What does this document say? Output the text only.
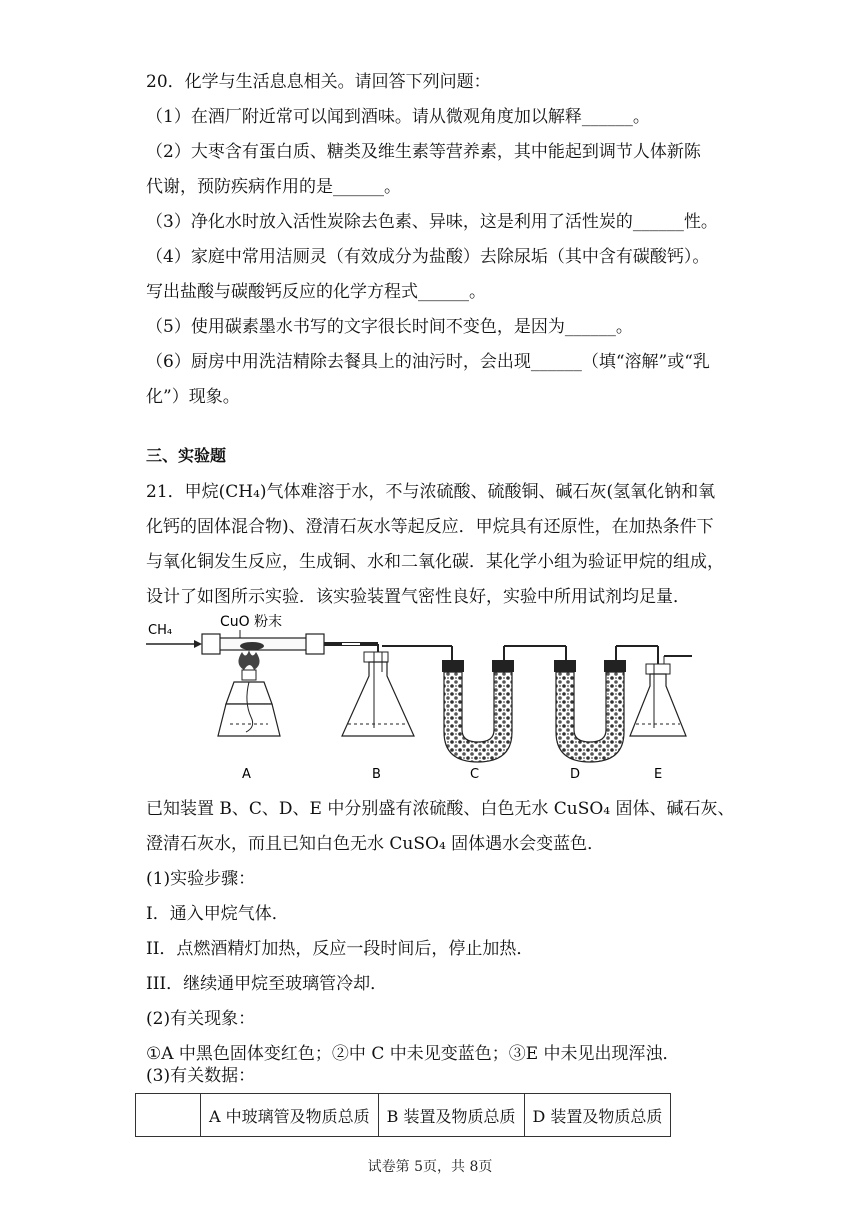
20．化学与生活息息相关。请回答下列问题：
（1）在酒厂附近常可以闻到酒味。请从微观角度加以解释______。
（2）大枣含有蛋白质、糖类及维生素等营养素，其中能起到调节人体新陈
代谢，预防疾病作用的是______。
（3）净化水时放入活性炭除去色素、异味，这是利用了活性炭的______性。
（4）家庭中常用洁厕灵（有效成分为盐酸）去除尿垢（其中含有碳酸钙）。
写出盐酸与碳酸钙反应的化学方程式______。
（5）使用碳素墨水书写的文字很长时间不变色，是因为______。
（6）厨房中用洗洁精除去餐具上的油污时，会出现______（填“溶解”或“乳
化”）现象。
三、实验题
21．甲烷(CH₄)气体难溶于水，不与浓硫酸、硫酸铜、碱石灰(氢氧化钠和氧
化钙的固体混合物)、澄清石灰水等起反应．甲烷具有还原性，在加热条件下
与氧化铜发生反应，生成铜、水和二氧化碳．某化学小组为验证甲烷的组成，
设计了如图所示实验．该实验装置气密性良好，实验中所用试剂均足量．
CH₄
CuO 粉末
A	B	C	D	E
已知装置 B、C、D、E 中分别盛有浓硫酸、白色无水 CuSO₄ 固体、碱石灰、
澄清石灰水，而且已知白色无水 CuSO₄ 固体遇水会变蓝色．
(1)实验步骤：
I．通入甲烷气体．
II．点燃酒精灯加热，反应一段时间后，停止加热．
III．继续通甲烷至玻璃管冷却．
(2)有关现象：
①A 中黑色固体变红色；②中 C 中未见变蓝色；③E 中未见出现浑浊．
(3)有关数据：
	A 中玻璃管及物质总质	B 装置及物质总质	D 装置及物质总质
试卷第 5页，共 8页
